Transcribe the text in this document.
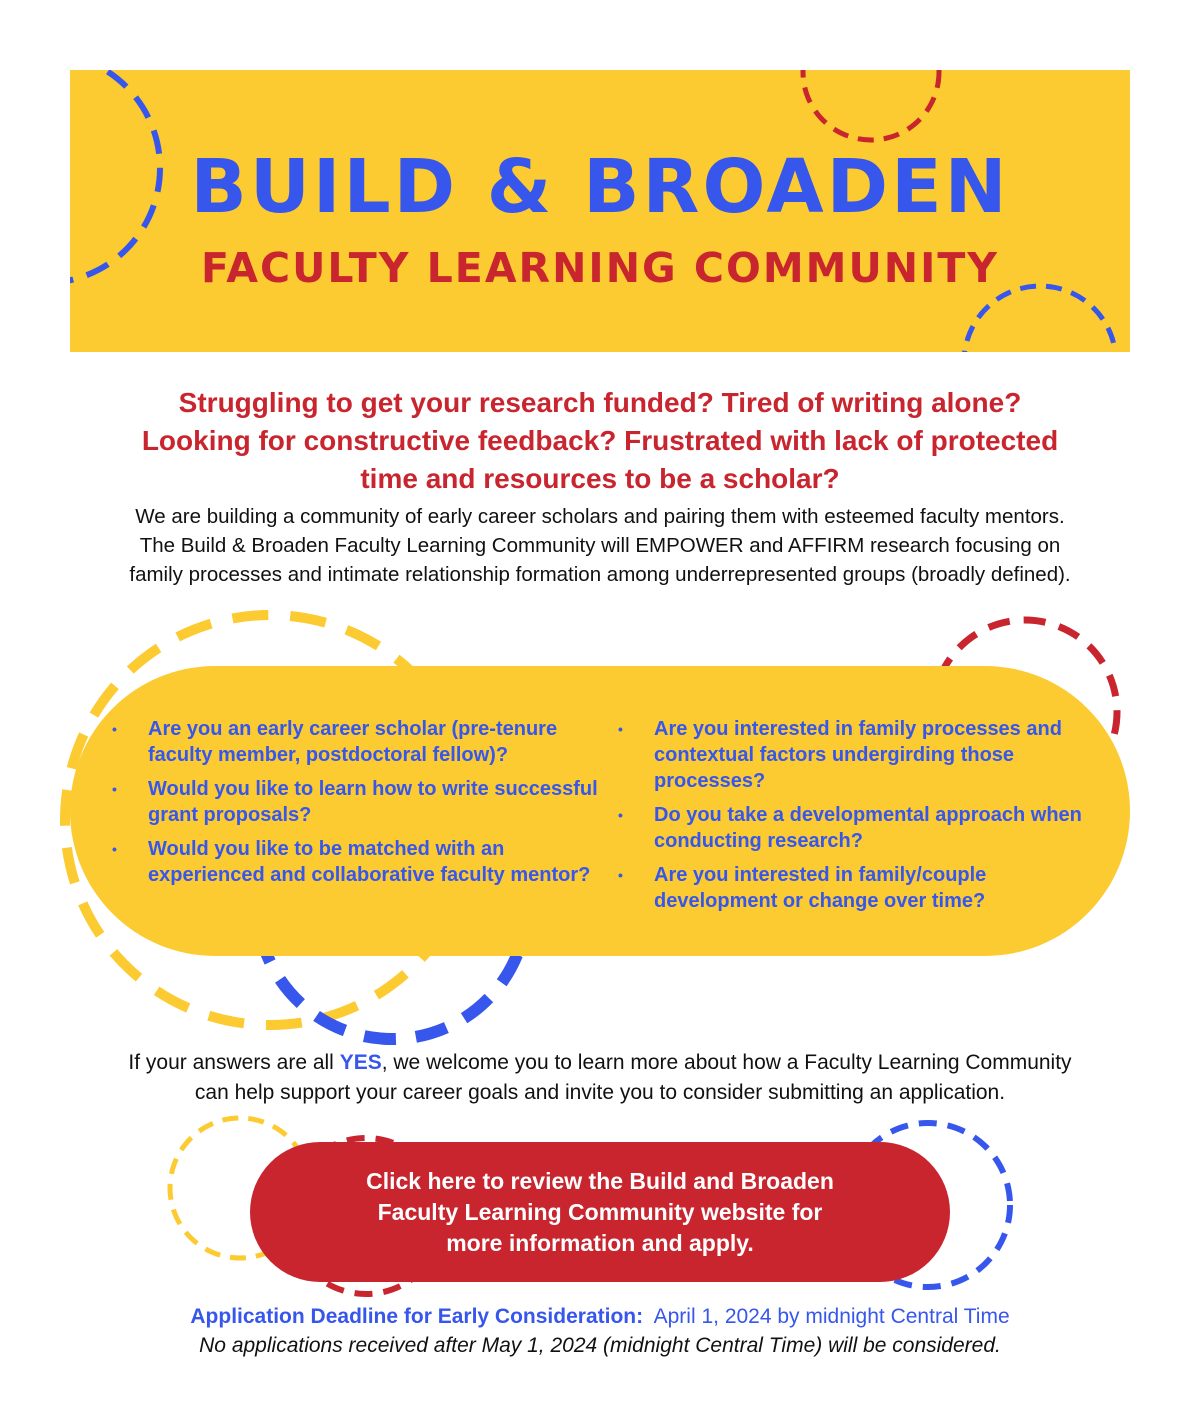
BUILD & BROADEN
FACULTY LEARNING COMMUNITY
Struggling to get your research funded? Tired of writing alone?
Looking for constructive feedback? Frustrated with lack of protected
time and resources to be a scholar?
We are building a community of early career scholars and pairing them with esteemed faculty mentors.
The Build & Broaden Faculty Learning Community will EMPOWER and AFFIRM research focusing on
family processes and intimate relationship formation among underrepresented groups (broadly defined).
•	Are you an early career scholar (pre-tenure faculty member, postdoctoral fellow)?
•	Would you like to learn how to write successful grant proposals?
•	Would you like to be matched with an experienced and collaborative faculty mentor?
•	Are you interested in family processes and contextual factors undergirding those processes?
•	Do you take a developmental approach when conducting research?
•	Are you interested in family/couple development or change over time?
If your answers are all YES, we welcome you to learn more about how a Faculty Learning Community
can help support your career goals and invite you to consider submitting an application.
Click here to review the Build and Broaden
Faculty Learning Community website for
more information and apply.
Application Deadline for Early Consideration:  April 1, 2024 by midnight Central Time
No applications received after May 1, 2024 (midnight Central Time) will be considered.
